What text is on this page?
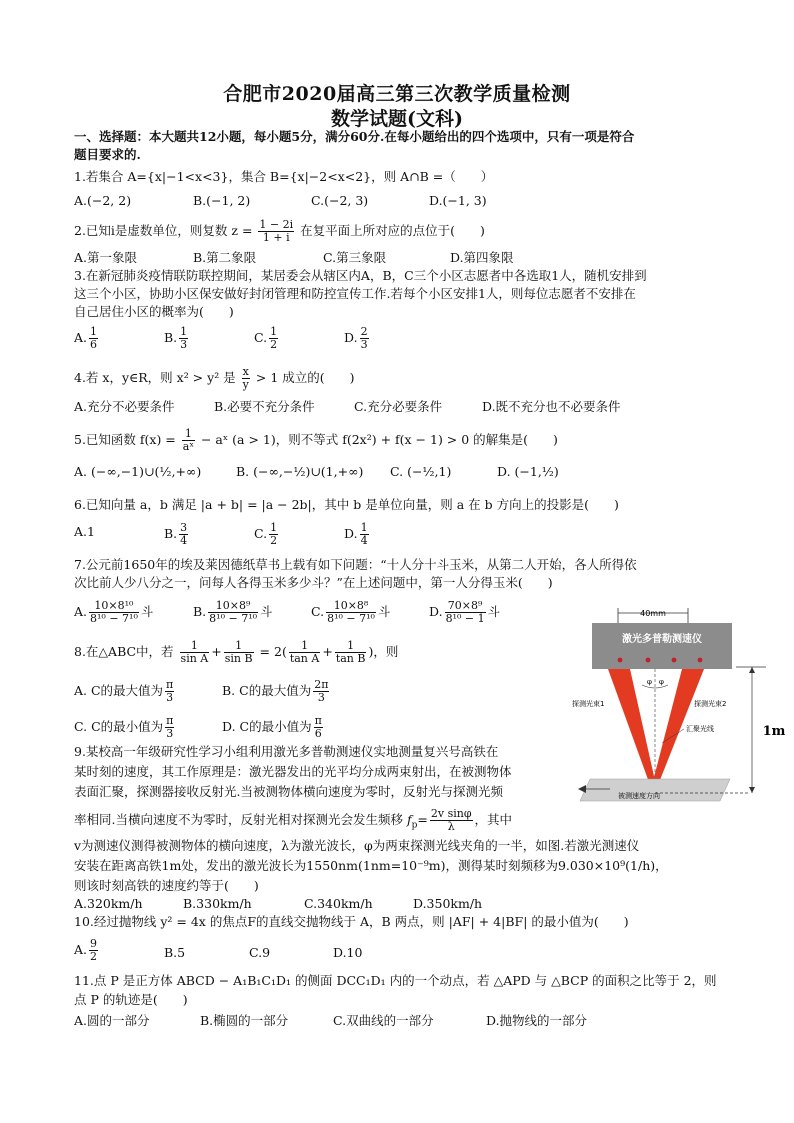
合肥市2020届高三第三次教学质量检测
数学试题(文科)
一、选择题：本大题共12小题，每小题5分，满分60分.在每小题给出的四个选项中，只有一项是符合
题目要求的.
1.若集合 A={x|−1<x<3}，集合 B={x|−2<x<2}，则 A∩B =（　　）
A.(−2, 2)	B.(−1, 2)	C.(−2, 3)	D.(−1, 3)
2.已知i是虚数单位，则复数 $z = \frac{1 - 2i}{1 + i}$ 在复平面上所对应的点位于(　　)
A.第一象限	B.第二象限	C.第三象限	D.第四象限
3.在新冠肺炎疫情联防联控期间，某居委会从辖区内A，B，C三个小区志愿者中各选取1人，随机安排到
这三个小区，协助小区保安做好封闭管理和防控宣传工作.若每个小区安排1人，则每位志愿者不安排在
自己居住小区的概率为(　　)
A. $\frac{1}{6}$	B. $\frac{1}{3}$	C. $\frac{1}{2}$	D. $\frac{2}{3}$
4.若 x，y∈R，则 x² > y² 是 $\frac{x}{y} > 1$ 成立的(　　)
A.充分不必要条件	B.必要不充分条件	C.充分必要条件	D.既不充分也不必要条件
5.已知函数 $f(x) = \frac{1}{\text{aˣ}}$ − aˣ (a > 1)，则不等式 f(2x²) + f(x − 1) > 0 的解集是(　　)
A. (−∞,−1)∪(½,+∞)	B. (−∞,−½)∪(1,+∞) C. (−½,1)	D. (−1,½)
6.已知向量 a，b 满足 |a + b| = |a − 2b|，其中 b 是单位向量，则 a 在 b 方向上的投影是(　　)
A.1	B. $\frac{3}{4}$	C. $\frac{1}{2}$	D. $\frac{1}{4}$
7.公元前1650年的埃及莱因德纸草书上载有如下问题：“十人分十斗玉米，从第二人开始，各人所得依
次比前人少八分之一，问每人各得玉米多少斗？”在上述问题中，第一人分得玉米(　　)
A. $\frac{\text{10×8¹⁰}}{\text{8¹⁰ − 7¹⁰}}$ 斗	B. $\frac{\text{10×8⁹}}{\text{8¹⁰ − 7¹⁰}}$ 斗	C. $\frac{\text{10×8⁸}}{\text{8¹⁰ − 7¹⁰}}$ 斗	D. $\frac{\text{70×8⁹}}{\text{8¹⁰ − 1}}$ 斗
8.在△ABC中，若 $\frac{1}{\text{sin A}} + \frac{1}{\text{sin B}} = 2( \frac{1}{\text{tan A}} + \frac{1}{\text{tan B}}$ )，则
A. C的最大值为 $\frac{\pi}{3}$	B. C的最大值为 $\frac{2\pi}{3}$
C. C的最小值为 $\frac{\pi}{3}$	D. C的最小值为 $\frac{\pi}{6}$
9.某校高一年级研究性学习小组利用激光多普勒测速仪实地测量复兴号高铁在
某时刻的速度，其工作原理是：激光器发出的光平均分成两束射出，在被测物体
表面汇聚，探测器接收反射光.当被测物体横向速度为零时，反射光与探测光频
率相同.当横向速度不为零时，反射光相对探测光会发生频移 $f_p= \frac{\text{2v sinφ}}{\lambda}$ ，其中
v为测速仪测得被测物体的横向速度，λ为激光波长，φ为两束探测光线夹角的一半，如图.若激光测速仪
安装在距离高铁1m处，发出的激光波长为1550nm(1nm=10⁻⁹m)，测得某时刻频移为9.030×10⁹(1/h)，
则该时刻高铁的速度约等于(　　)
A.320km/h	B.330km/h	C.340km/h	D.350km/h
10.经过抛物线 y² = 4x 的焦点F的直线交抛物线于 A，B 两点，则 |AF| + 4|BF| 的最小值为(　　)
A. $\frac{9}{2}$	B.5	C.9	D.10
11.点 P 是正方体 ABCD − A₁B₁C₁D₁ 的侧面 DCC₁D₁ 内的一个动点，若 △APD 与 △BCP 的面积之比等于 2，则
点 P 的轨迹是(　　)
A.圆的一部分	B.椭圆的一部分	C.双曲线的一部分	D.抛物线的一部分
40mm
激光多普勒测速仪
φ φ
探测光束1	探测光束2
汇聚光线	1m
被测速度方向
